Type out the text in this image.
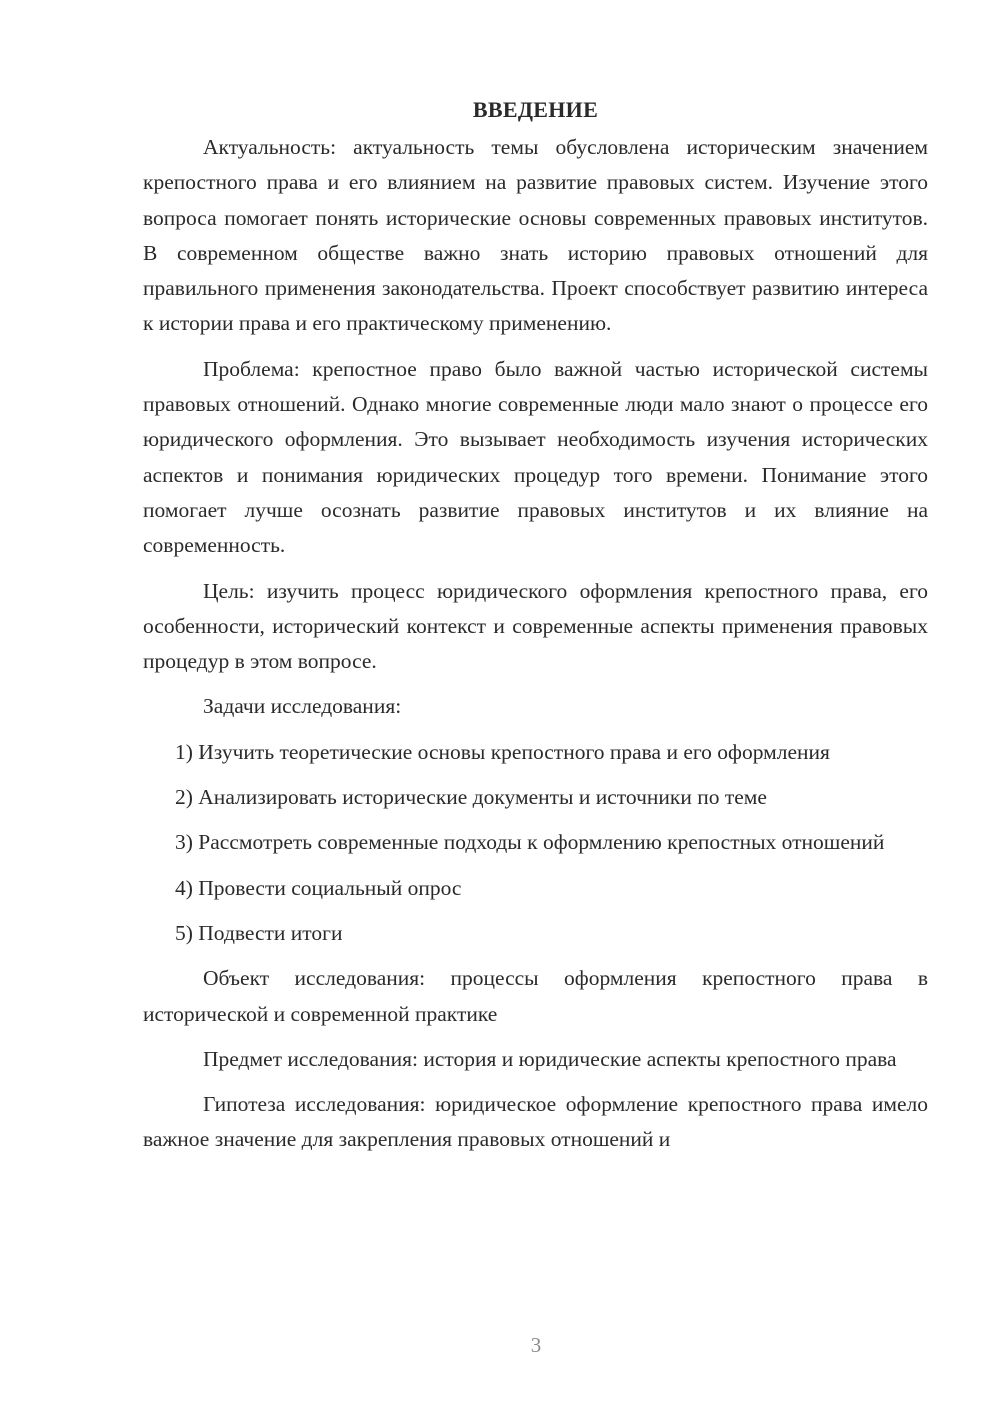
ВВЕДЕНИЕ

Актуальность: актуальность темы обусловлена историческим значением крепостного права и его влиянием на развитие правовых систем. Изучение этого вопроса помогает понять исторические основы современных правовых институтов. В современном обществе важно знать историю правовых отношений для правильного применения законодательства. Проект способствует развитию интереса к истории права и его практическому применению.

Проблема: крепостное право было важной частью исторической системы правовых отношений. Однако многие современные люди мало знают о процессе его юридического оформления. Это вызывает необходимость изучения исторических аспектов и понимания юридических процедур того времени. Понимание этого помогает лучше осознать развитие правовых институтов и их влияние на современность.

Цель: изучить процесс юридического оформления крепостного права, его особенности, исторический контекст и современные аспекты применения правовых процедур в этом вопросе.

Задачи исследования:

1) Изучить теоретические основы крепостного права и его оформления

2) Анализировать исторические документы и источники по теме

3) Рассмотреть современные подходы к оформлению крепостных отношений

4) Провести социальный опрос

5) Подвести итоги

Объект исследования: процессы оформления крепостного права в исторической и современной практике

Предмет исследования: история и юридические аспекты крепостного права

Гипотеза исследования: юридическое оформление крепостного права имело важное значение для закрепления правовых отношений и

3
